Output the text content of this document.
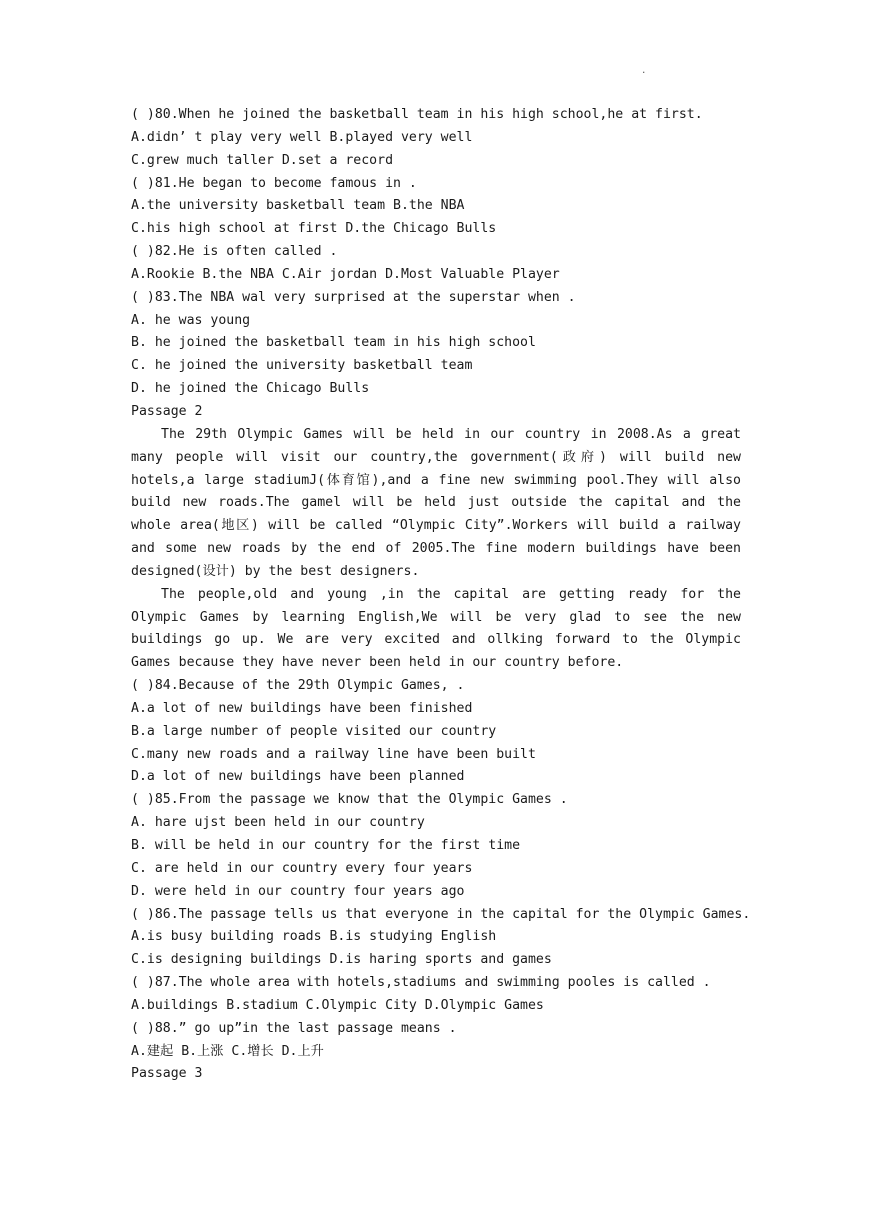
.
( )80.When he joined the basketball team in his high school,he at first.
A.didn’ t play very well B.played very well
C.grew much taller D.set a record
( )81.He began to become famous in .
A.the university basketball team B.the NBA
C.his high school at first D.the Chicago Bulls
( )82.He is often called .
A.Rookie B.the NBA C.Air jordan D.Most Valuable Player
( )83.The NBA wal very surprised at the superstar when .
A. he was young
B. he joined the basketball team in his high school
C. he joined the university basketball team
D. he joined the Chicago Bulls
Passage 2
The 29th Olympic Games will be held in our country in 2008.As a great many people will visit our country,the government(政府) will build new hotels,a large stadiumJ(体育馆),and a fine new swimming pool.They will also build new roads.The gamel will be held just outside the capital and the whole area(地区) will be called “Olympic City”.Workers will build a railway and some new roads by the end of 2005.The fine modern buildings have been designed(设计) by the best designers.
The people,old and young ,in the capital are getting ready for the Olympic Games by learning English,We will be very glad to see the new buildings go up. We are very excited and ollking forward to the Olympic Games because they have never been held in our country before.
( )84.Because of the 29th Olympic Games, .
A.a lot of new buildings have been finished
B.a large number of people visited our country
C.many new roads and a railway line have been built
D.a lot of new buildings have been planned
( )85.From the passage we know that the Olympic Games .
A. hare ujst been held in our country
B. will be held in our country for the first time
C. are held in our country every four years
D. were held in our country four years ago
( )86.The passage tells us that everyone in the capital for the Olympic Games.
A.is busy building roads B.is studying English
C.is designing buildings D.is haring sports and games
( )87.The whole area with hotels,stadiums and swimming pooles is called .
A.buildings B.stadium C.Olympic City D.Olympic Games
( )88.” go up”in the last passage means .
A.建起 B.上涨 C.增长 D.上升
Passage 3
